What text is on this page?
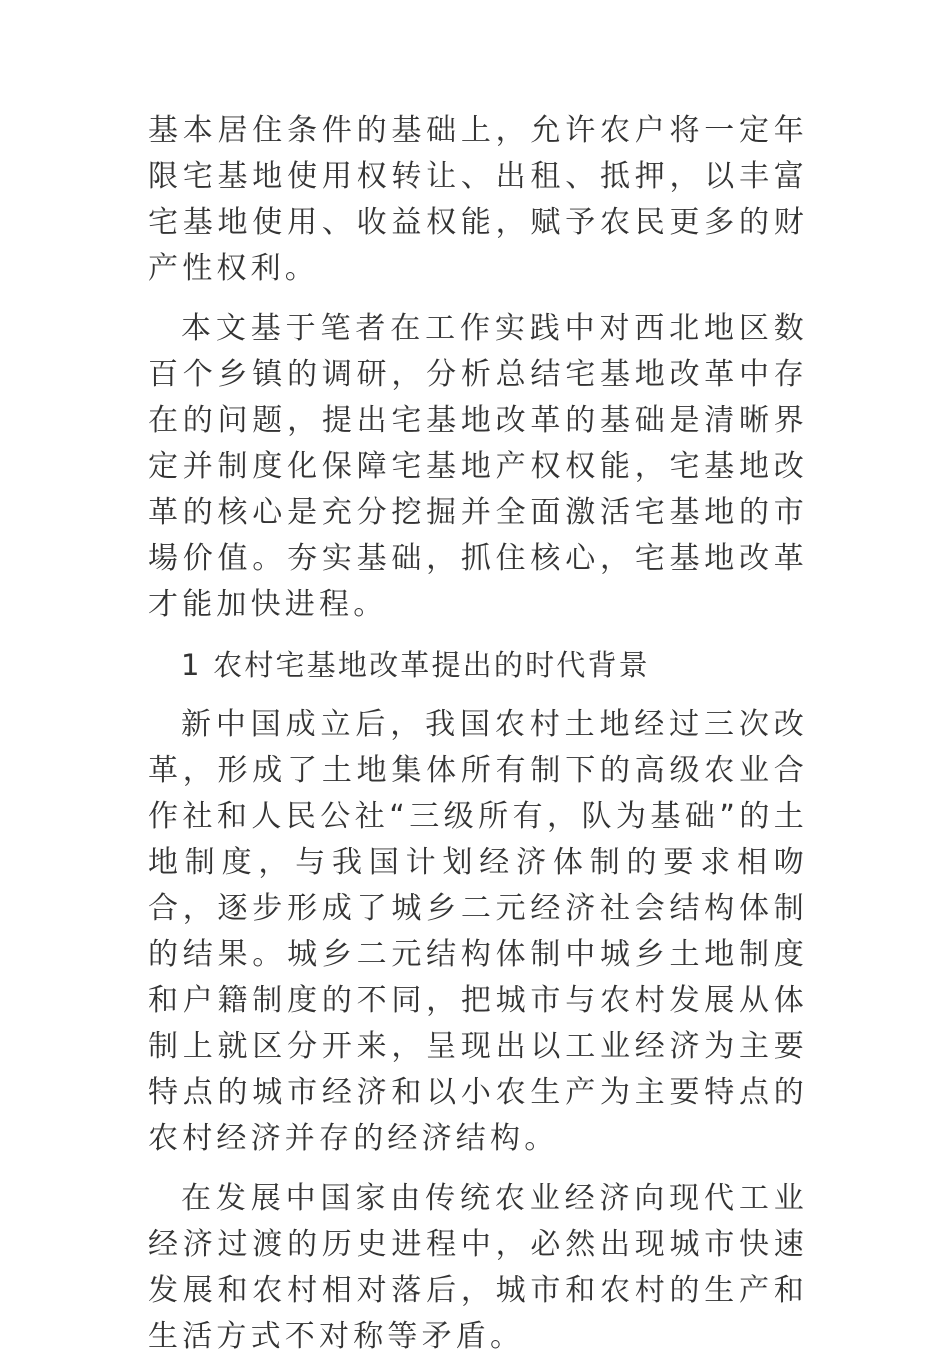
基本居住条件的基础上，允许农户将一定年限宅基地使用权转让、出租、抵押，以丰富宅基地使用、收益权能，赋予农民更多的财产性权利。

本文基于笔者在工作实践中对西北地区数百个乡镇的调研，分析总结宅基地改革中存在的问题，提出宅基地改革的基础是清晰界定并制度化保障宅基地产权权能，宅基地改革的核心是充分挖掘并全面激活宅基地的市場价值。夯实基础，抓住核心，宅基地改革才能加快进程。

1 农村宅基地改革提出的时代背景

新中国成立后，我国农村土地经过三次改革，形成了土地集体所有制下的高级农业合作社和人民公社“三级所有，队为基础”的土地制度，与我国计划经济体制的要求相吻合，逐步形成了城乡二元经济社会结构体制的结果。城乡二元结构体制中城乡土地制度和户籍制度的不同，把城市与农村发展从体制上就区分开来，呈现出以工业经济为主要特点的城市经济和以小农生产为主要特点的农村经济并存的经济结构。

在发展中国家由传统农业经济向现代工业经济过渡的历史进程中，必然出现城市快速发展和农村相对落后，城市和农村的生产和生活方式不对称等矛盾。
